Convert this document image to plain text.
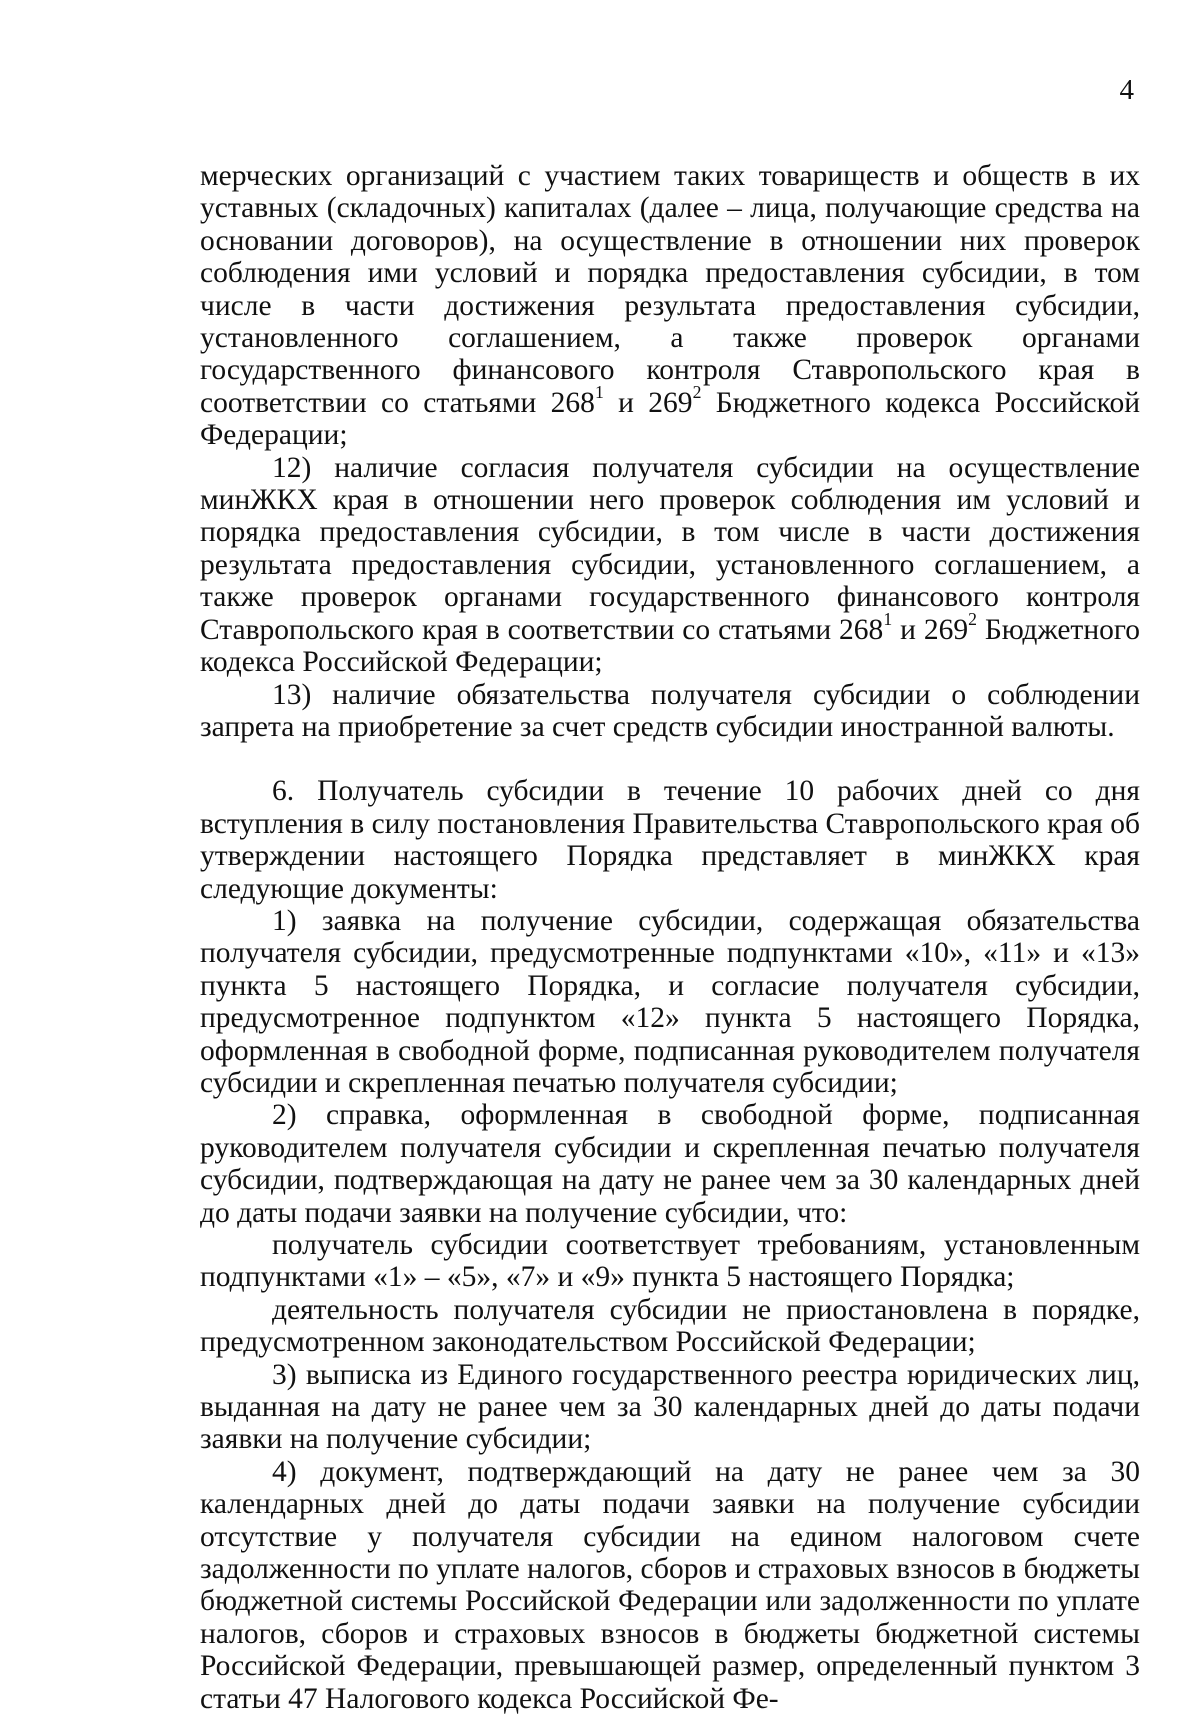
4

мерческих организаций с участием таких товариществ и обществ в их уставных (складочных) капиталах (далее – лица, получающие средства на основании договоров), на осуществление в отношении них проверок соблюдения ими условий и порядка предоставления субсидии, в том числе в части достижения результата предоставления субсидии, установленного соглашением, а также проверок органами государственного финансового контроля Ставропольского края в соответствии со статьями $268^1$ и $269^2$ Бюджетного кодекса Российской Федерации;

12) наличие согласия получателя субсидии на осуществление минЖКХ края в отношении него проверок соблюдения им условий и порядка предоставления субсидии, в том числе в части достижения результата предоставления субсидии, установленного соглашением, а также проверок органами государственного финансового контроля Ставропольского края в соответствии со статьями $268^1$ и $269^2$ Бюджетного кодекса Российской Федерации;

13) наличие обязательства получателя субсидии о соблюдении запрета на приобретение за счет средств субсидии иностранной валюты.

6. Получатель субсидии в течение 10 рабочих дней со дня вступления в силу постановления Правительства Ставропольского края об утверждении настоящего Порядка представляет в минЖКХ края следующие документы:

1) заявка на получение субсидии, содержащая обязательства получателя субсидии, предусмотренные подпунктами «10», «11» и «13» пункта 5 настоящего Порядка, и согласие получателя субсидии, предусмотренное подпунктом «12» пункта 5 настоящего Порядка, оформленная в свободной форме, подписанная руководителем получателя субсидии и скрепленная печатью получателя субсидии;

2) справка, оформленная в свободной форме, подписанная руководителем получателя субсидии и скрепленная печатью получателя субсидии, подтверждающая на дату не ранее чем за 30 календарных дней до даты подачи заявки на получение субсидии, что:

получатель субсидии соответствует требованиям, установленным подпунктами «1» – «5», «7» и «9» пункта 5 настоящего Порядка;

деятельность получателя субсидии не приостановлена в порядке, предусмотренном законодательством Российской Федерации;

3) выписка из Единого государственного реестра юридических лиц, выданная на дату не ранее чем за 30 календарных дней до даты подачи заявки на получение субсидии;

4) документ, подтверждающий на дату не ранее чем за 30 календарных дней до даты подачи заявки на получение субсидии отсутствие у получателя субсидии на едином налоговом счете задолженности по уплате налогов, сборов и страховых взносов в бюджеты бюджетной системы Российской Федерации или задолженности по уплате налогов, сборов и страховых взносов в бюджеты бюджетной системы Российской Федерации, превышающей размер, определенный пунктом 3 статьи 47 Налогового кодекса Российской Фе-
